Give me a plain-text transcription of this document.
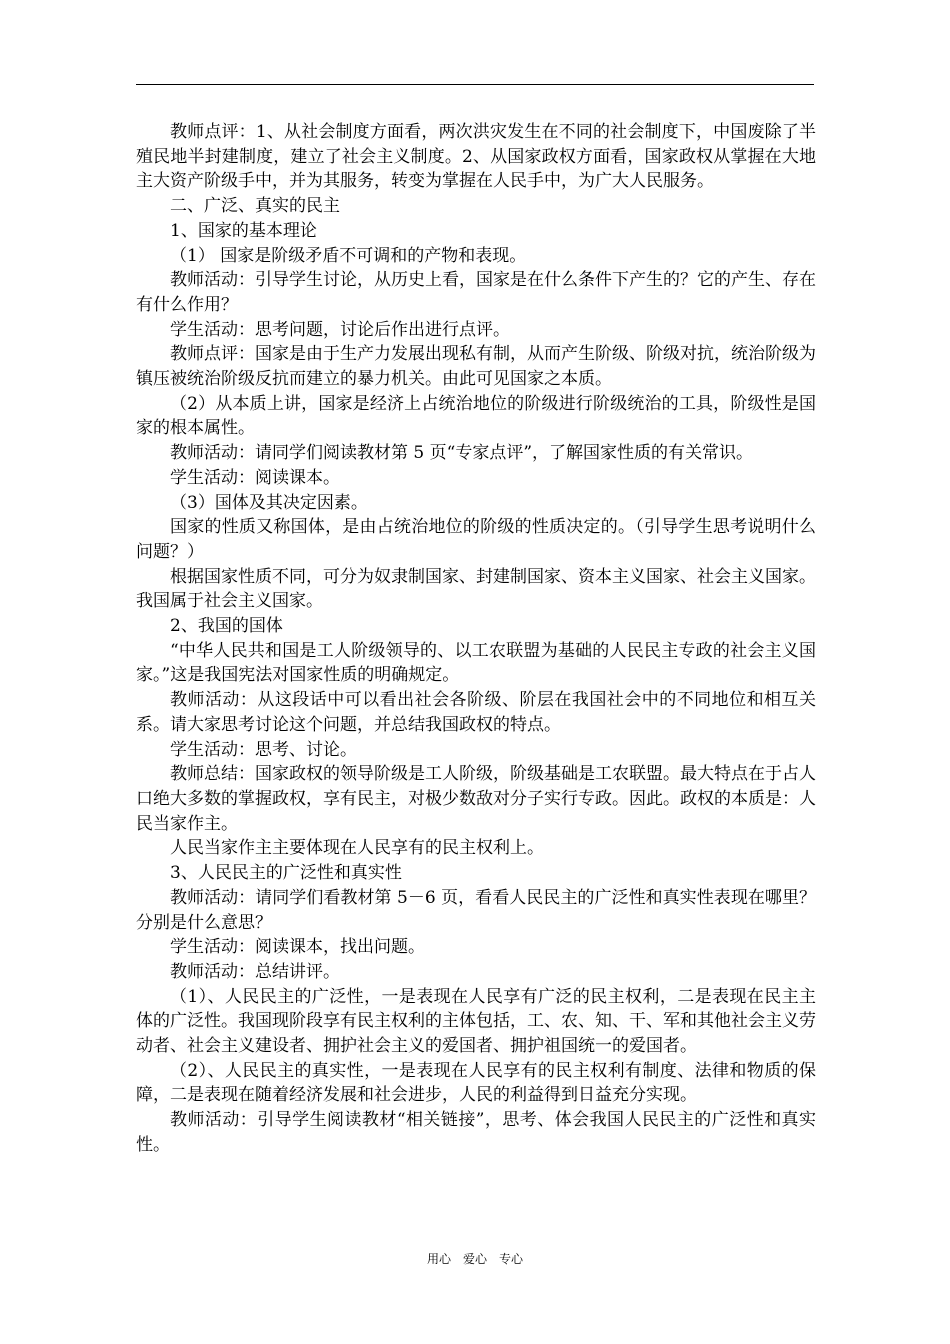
教师点评：1、从社会制度方面看，两次洪灾发生在不同的社会制度下，中国废除了半殖民地半封建制度，建立了社会主义制度。2、从国家政权方面看，国家政权从掌握在大地主大资产阶级手中，并为其服务，转变为掌握在人民手中，为广大人民服务。

二、广泛、真实的民主

1、国家的基本理论

（1） 国家是阶级矛盾不可调和的产物和表现。

教师活动：引导学生讨论，从历史上看，国家是在什么条件下产生的？它的产生、存在有什么作用？

学生活动：思考问题，讨论后作出进行点评。

教师点评：国家是由于生产力发展出现私有制，从而产生阶级、阶级对抗，统治阶级为镇压被统治阶级反抗而建立的暴力机关。由此可见国家之本质。

（2）从本质上讲，国家是经济上占统治地位的阶级进行阶级统治的工具，阶级性是国家的根本属性。

教师活动：请同学们阅读教材第 5 页“专家点评”，了解国家性质的有关常识。

学生活动：阅读课本。

（3）国体及其决定因素。

国家的性质又称国体，是由占统治地位的阶级的性质决定的。（引导学生思考说明什么问题？）

根据国家性质不同，可分为奴隶制国家、封建制国家、资本主义国家、社会主义国家。我国属于社会主义国家。

2、我国的国体

“中华人民共和国是工人阶级领导的、以工农联盟为基础的人民民主专政的社会主义国家。”这是我国宪法对国家性质的明确规定。

教师活动：从这段话中可以看出社会各阶级、阶层在我国社会中的不同地位和相互关系。请大家思考讨论这个问题，并总结我国政权的特点。

学生活动：思考、讨论。

教师总结：国家政权的领导阶级是工人阶级，阶级基础是工农联盟。最大特点在于占人口绝大多数的掌握政权，享有民主，对极少数敌对分子实行专政。因此。政权的本质是：人民当家作主。

人民当家作主主要体现在人民享有的民主权利上。

3、人民民主的广泛性和真实性

教师活动：请同学们看教材第 5－6 页，看看人民民主的广泛性和真实性表现在哪里？分别是什么意思？

学生活动：阅读课本，找出问题。

教师活动：总结讲评。

（1）、人民民主的广泛性，一是表现在人民享有广泛的民主权利，二是表现在民主主体的广泛性。我国现阶段享有民主权利的主体包括，工、农、知、干、军和其他社会主义劳动者、社会主义建设者、拥护社会主义的爱国者、拥护祖国统一的爱国者。

（2）、人民民主的真实性，一是表现在人民享有的民主权利有制度、法律和物质的保障，二是表现在随着经济发展和社会进步，人民的利益得到日益充分实现。

教师活动：引导学生阅读教材“相关链接”，思考、体会我国人民民主的广泛性和真实性。

用心　爱心　专心
